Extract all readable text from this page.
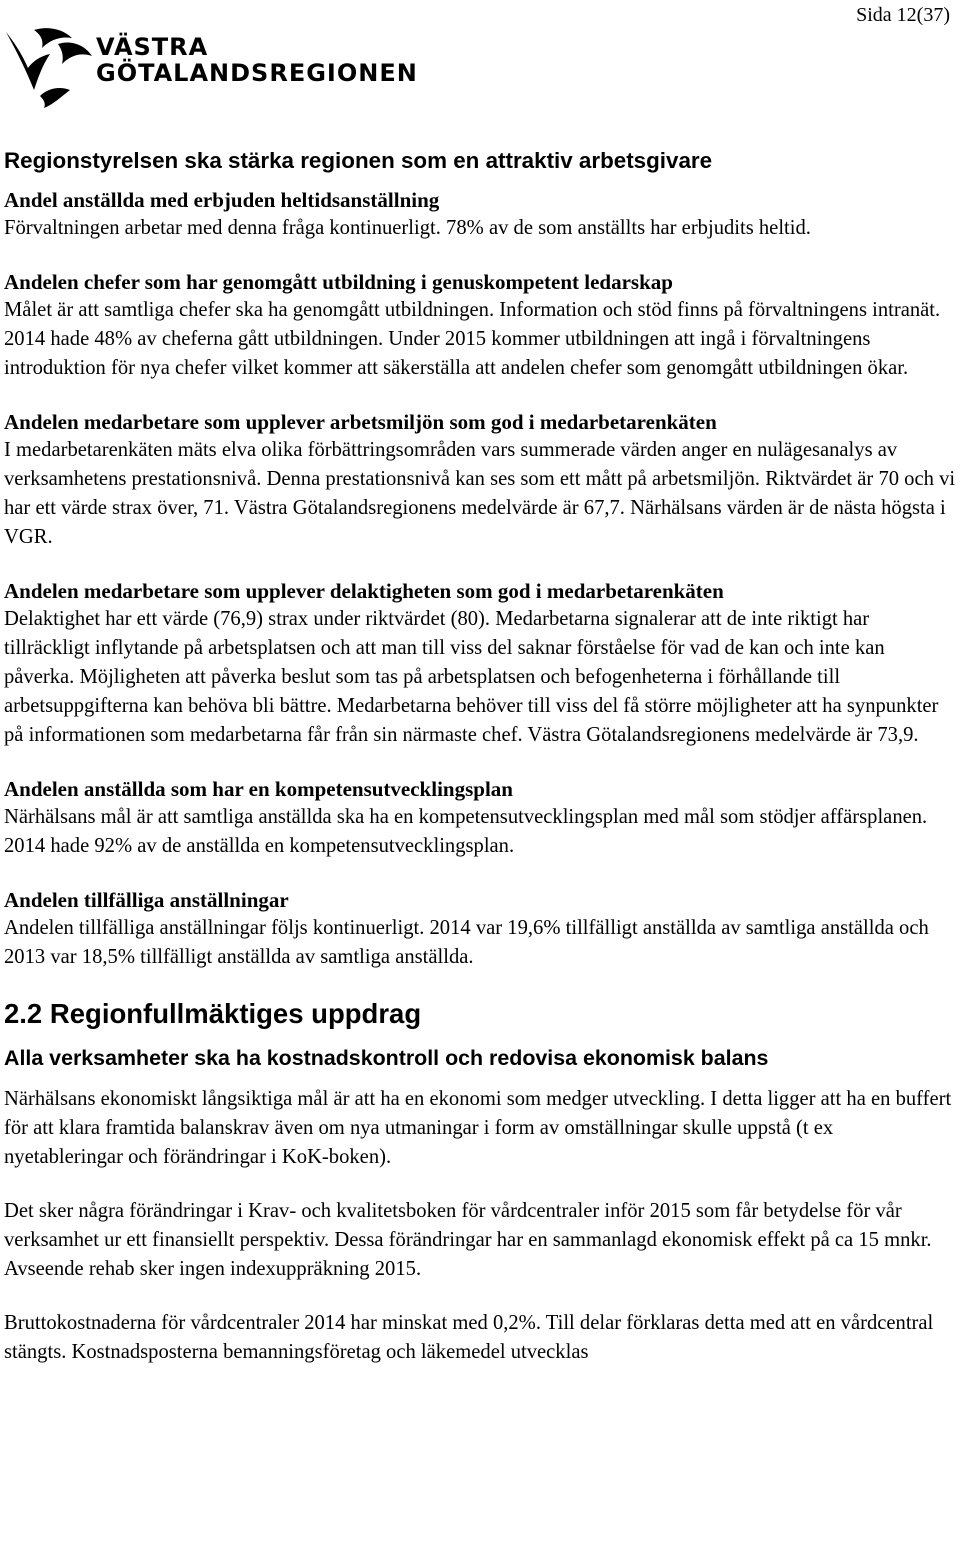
Sida 12(37)
VÄSTRA
GÖTALANDSREGIONEN
Regionstyrelsen ska stärka regionen som en attraktiv arbetsgivare
Andel anställda med erbjuden heltidsanställning

Förvaltningen arbetar med denna fråga kontinuerligt. 78% av de som anställts har erbjudits heltid.

Andelen chefer som har genomgått utbildning i genuskompetent ledarskap

Målet är att samtliga chefer ska ha genomgått utbildningen. Information och stöd finns på förvaltningens intranät. 2014 hade 48% av cheferna gått utbildningen. Under 2015 kommer utbildningen att ingå i förvaltningens introduktion för nya chefer vilket kommer att säkerställa att andelen chefer som genomgått utbildningen ökar.

Andelen medarbetare som upplever arbetsmiljön som god i medarbetarenkäten

I medarbetarenkäten mäts elva olika förbättringsområden vars summerade värden anger en nulägesanalys av verksamhetens prestationsnivå. Denna prestationsnivå kan ses som ett mått på arbetsmiljön. Riktvärdet är 70 och vi har ett värde strax över, 71. Västra Götalandsregionens medelvärde är 67,7. Närhälsans värden är de nästa högsta i VGR.

Andelen medarbetare som upplever delaktigheten som god i medarbetarenkäten

Delaktighet har ett värde (76,9) strax under riktvärdet (80). Medarbetarna signalerar att de inte riktigt har tillräckligt inflytande på arbetsplatsen och att man till viss del saknar förståelse för vad de kan och inte kan påverka. Möjligheten att påverka beslut som tas på arbetsplatsen och befogenheterna i förhållande till arbetsuppgifterna kan behöva bli bättre. Medarbetarna behöver till viss del få större möjligheter att ha synpunkter på informationen som medarbetarna får från sin närmaste chef. Västra Götalandsregionens medelvärde är 73,9.

Andelen anställda som har en kompetensutvecklingsplan

Närhälsans mål är att samtliga anställda ska ha en kompetensutvecklingsplan med mål som stödjer affärsplanen. 2014 hade 92% av de anställda en kompetensutvecklingsplan.

Andelen tillfälliga anställningar

Andelen tillfälliga anställningar följs kontinuerligt. 2014 var 19,6% tillfälligt anställda av samtliga anställda och 2013 var 18,5% tillfälligt anställda av samtliga anställda.

2.2 Regionfullmäktiges uppdrag
Alla verksamheter ska ha kostnadskontroll och redovisa ekonomisk balans

Närhälsans ekonomiskt långsiktiga mål är att ha en ekonomi som medger utveckling. I detta ligger att ha en buffert för att klara framtida balanskrav även om nya utmaningar i form av omställningar skulle uppstå (t ex nyetableringar och förändringar i KoK-boken).

Det sker några förändringar i Krav- och kvalitetsboken för vårdcentraler inför 2015 som får betydelse för vår verksamhet ur ett finansiellt perspektiv. Dessa förändringar har en sammanlagd ekonomisk effekt på ca 15 mnkr. Avseende rehab sker ingen indexuppräkning 2015.

Bruttokostnaderna för vårdcentraler 2014 har minskat med 0,2%. Till delar förklaras detta med att en vårdcentral stängts. Kostnadsposterna bemanningsföretag och läkemedel utvecklas
